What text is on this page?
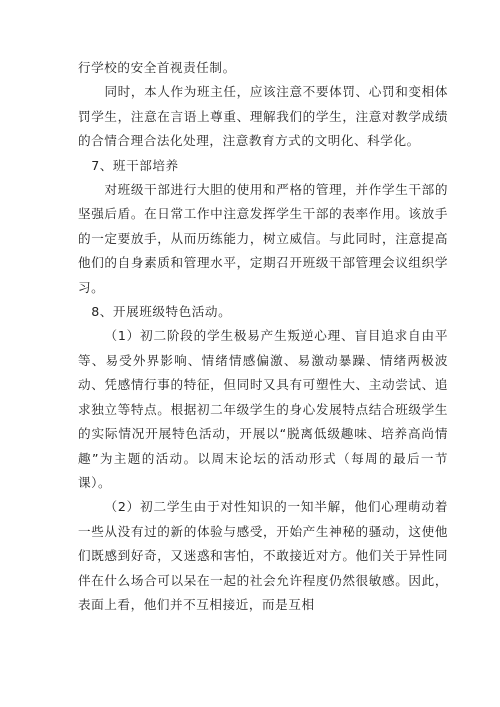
行学校的安全首视责任制。

同时，本人作为班主任，应该注意不要体罚、心罚和变相体罚学生，注意在言语上尊重、理解我们的学生，注意对教学成绩的合情合理合法化处理，注意教育方式的文明化、科学化。

7、班干部培养

对班级干部进行大胆的使用和严格的管理，并作学生干部的坚强后盾。在日常工作中注意发挥学生干部的表率作用。该放手的一定要放手，从而历练能力，树立威信。与此同时，注意提高他们的自身素质和管理水平，定期召开班级干部管理会议组织学习。

8、开展班级特色活动。

（1）初二阶段的学生极易产生叛逆心理、盲目追求自由平等、易受外界影响、情绪情感偏激、易激动暴躁、情绪两极波动、凭感情行事的特征，但同时又具有可塑性大、主动尝试、追求独立等特点。根据初二年级学生的身心发展特点结合班级学生的实际情况开展特色活动，开展以“脱离低级趣味、培养高尚情趣”为主题的活动。以周末论坛的活动形式（每周的最后一节课）。

（2）初二学生由于对性知识的一知半解，他们心理萌动着一些从没有过的新的体验与感受，开始产生神秘的骚动，这使他们既感到好奇，又迷惑和害怕，不敢接近对方。他们关于异性同伴在什么场合可以呆在一起的社会允许程度仍然很敏感。因此，表面上看，他们并不互相接近，而是互相
